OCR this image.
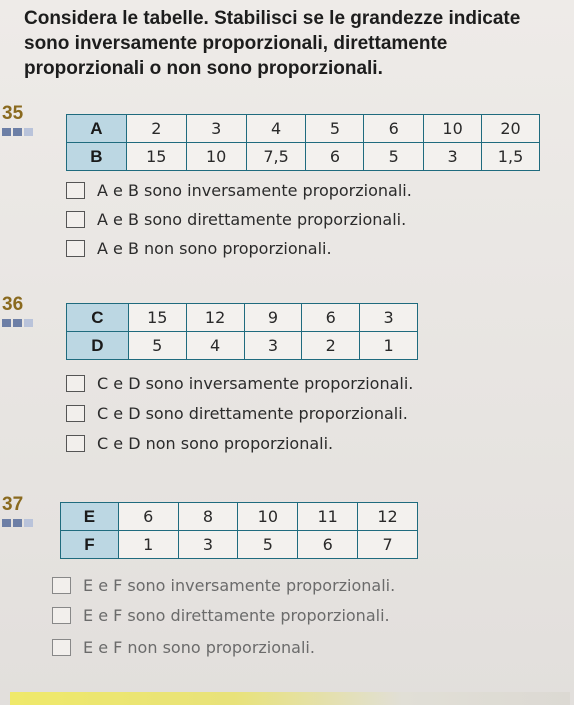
Considera le tabelle. Stabilisci se le grandezze indicate sono inversamente proporzionali, direttamente proporzionali o non sono proporzionali.
35
A	2	3	4	5	6	10	20
B	15	10	7,5	6	5	3	1,5
A e B sono inversamente proporzionali.
A e B sono direttamente proporzionali.
A e B non sono proporzionali.
36
C	15	12	9	6	3
D	5	4	3	2	1
C e D sono inversamente proporzionali.
C e D sono direttamente proporzionali.
C e D non sono proporzionali.
37
E	6	8	10	11	12
F	1	3	5	6	7
E e F sono inversamente proporzionali.
E e F sono direttamente proporzionali.
E e F non sono proporzionali.
